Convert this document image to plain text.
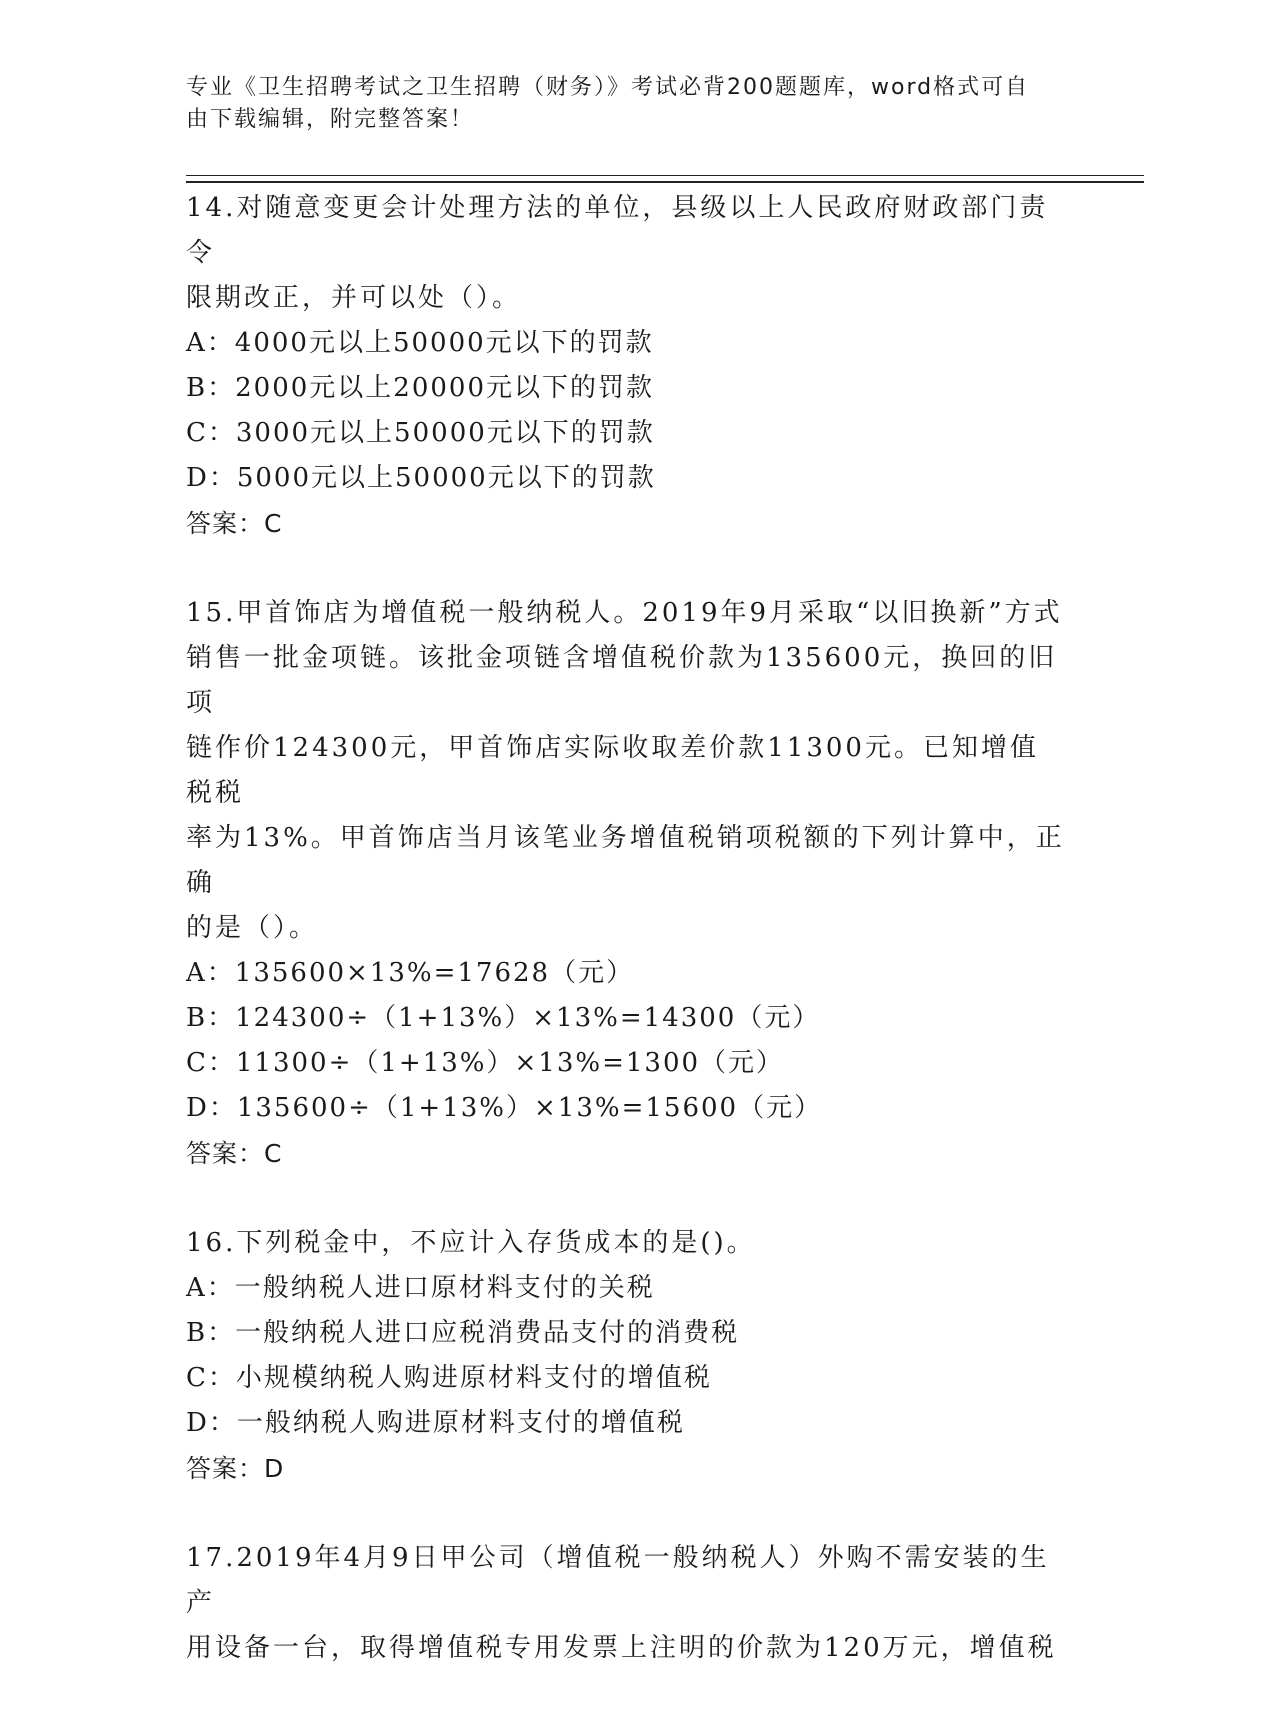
专业《卫生招聘考试之卫生招聘（财务）》考试必背200题题库，word格式可自
由下载编辑，附完整答案！
14.对随意变更会计处理方法的单位，县级以上人民政府财政部门责令
限期改正，并可以处（）。
A：4000元以上50000元以下的罚款
B：2000元以上20000元以下的罚款
C：3000元以上50000元以下的罚款
D：5000元以上50000元以下的罚款
答案：C
15.甲首饰店为增值税一般纳税人。2019年9月采取“以旧换新”方式
销售一批金项链。该批金项链含增值税价款为135600元，换回的旧项
链作价124300元，甲首饰店实际收取差价款11300元。已知增值税税
率为13%。甲首饰店当月该笔业务增值税销项税额的下列计算中，正确
的是（）。
A：135600×13%=17628（元）
B：124300÷（1+13%）×13%=14300（元）
C：11300÷（1+13%）×13%=1300（元）
D：135600÷（1+13%）×13%=15600（元）
答案：C
16.下列税金中，不应计入存货成本的是()。
A：一般纳税人进口原材料支付的关税
B：一般纳税人进口应税消费品支付的消费税
C：小规模纳税人购进原材料支付的增值税
D：一般纳税人购进原材料支付的增值税
答案：D
17.2019年4月9日甲公司（增值税一般纳税人）外购不需安装的生产
用设备一台，取得增值税专用发票上注明的价款为120万元，增值税
